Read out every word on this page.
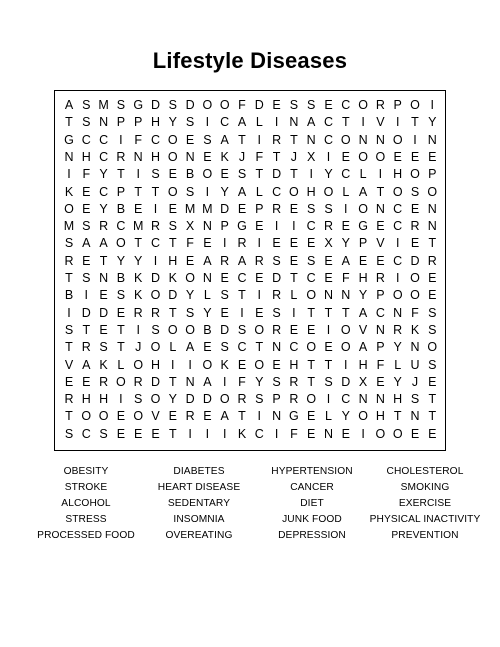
Lifestyle Diseases
A S M S G D S D O O F D E S S E C O R P O I
T S N P P H Y S I C A L I N A C T I V I T Y
G C C I F C O E S A T I R T N C O N N O I N
N H C R N H O N E K J F T J X I E O O E E E
I F Y T I S E B O E S T D T I Y C L I H O P
K E C P T T O S I Y A L C O H O L A T O S O
O E Y B E I E M M D E P R E S S I O N C E N
M S R C M R S X N P G E I	I C R E G E C R N
S A A O T C T F E I R I E E E X Y P V I E T
R E T Y Y I H E A R A R S E S E A E E C D R
T S N B K D K O N E C E D T C E F H R I O E
B I E S K O D Y L S T I R L O N N Y P O O E
I D D E R R T S Y E I E S I T T T A C N F S
S T E T I S O O B D S O R E E I O V N R K S
T R S T J O L A E S C T N C O E O A P Y N O
V A K L O H I	I O K E O E H T T I H F L U S
E E R O R D T N A I F Y S R T S D X E Y J E
R H H I S O Y D D O R S P R O I C N N H S T
T O O E O V E R E A T I N G E L Y O H T N T
S C S E E E T I	I	I K C I F E N E I O O E E
OBESITY	DIABETES	HYPERTENSION	CHOLESTEROL
STROKE	HEART DISEASE	CANCER	SMOKING
ALCOHOL	SEDENTARY	DIET	EXERCISE
STRESS	INSOMNIA	JUNK FOOD	PHYSICAL INACTIVITY
PROCESSED FOOD	OVEREATING	DEPRESSION	PREVENTION
